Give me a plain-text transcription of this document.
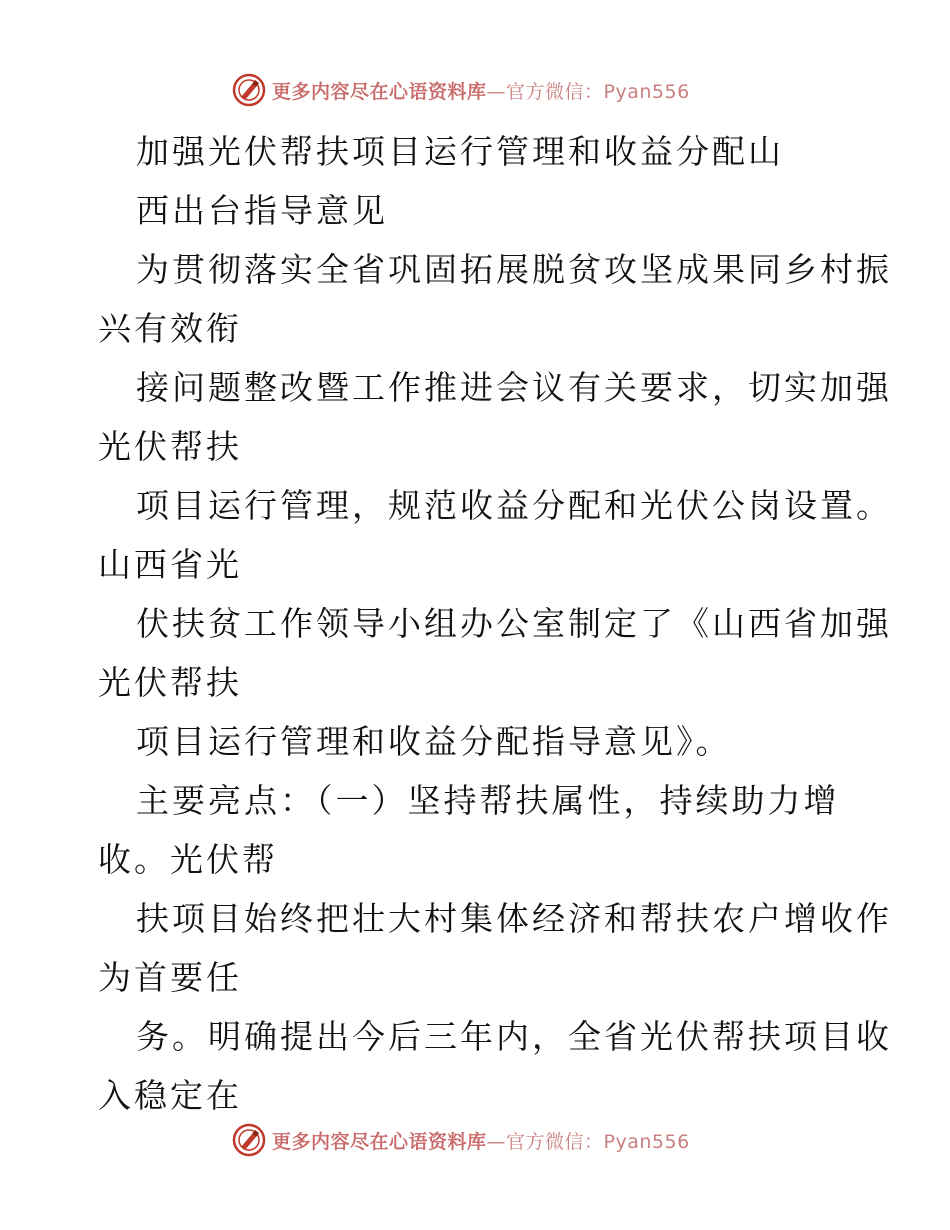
更多内容尽在心语资料库—官方微信：Pyan556
加强光伏帮扶项目运行管理和收益分配山
西出台指导意见
为贯彻落实全省巩固拓展脱贫攻坚成果同乡村振
兴有效衔
接问题整改暨工作推进会议有关要求，切实加强
光伏帮扶
项目运行管理，规范收益分配和光伏公岗设置。
山西省光
伏扶贫工作领导小组办公室制定了《山西省加强
光伏帮扶
项目运行管理和收益分配指导意见》。
主要亮点：（一）坚持帮扶属性，持续助力增
收。光伏帮
扶项目始终把壮大村集体经济和帮扶农户增收作
为首要任
务。明确提出今后三年内，全省光伏帮扶项目收
入稳定在
更多内容尽在心语资料库—官方微信：Pyan556
